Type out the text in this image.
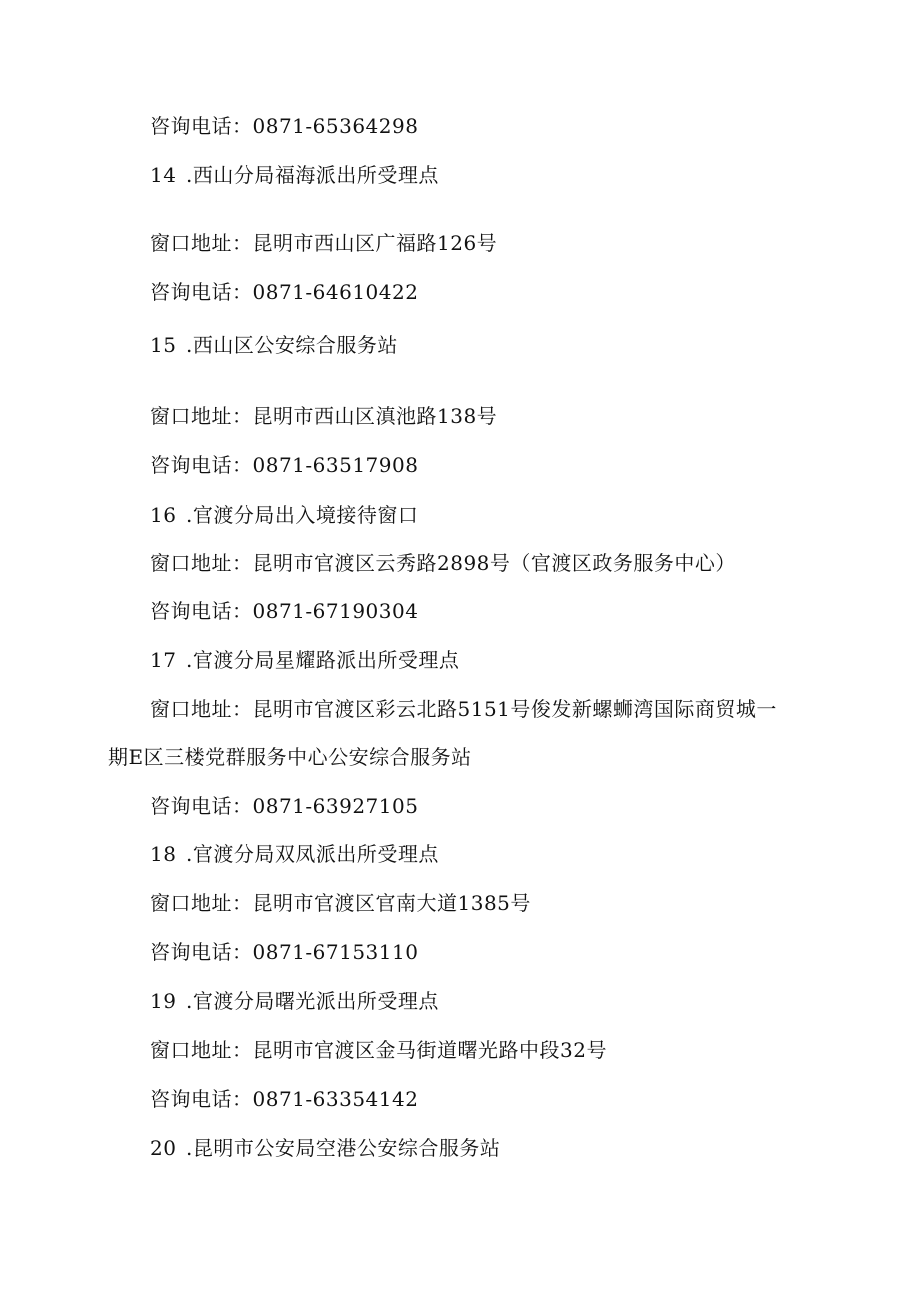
咨询电话：0871-65364298
14 .西山分局福海派出所受理点
窗口地址：昆明市西山区广福路126号
咨询电话：0871-64610422
15 .西山区公安综合服务站
窗口地址：昆明市西山区滇池路138号
咨询电话：0871-63517908
16 .官渡分局出入境接待窗口
窗口地址：昆明市官渡区云秀路2898号（官渡区政务服务中心）
咨询电话：0871-67190304
17 .官渡分局星耀路派出所受理点
窗口地址：昆明市官渡区彩云北路5151号俊发新螺蛳湾国际商贸城一
期E区三楼党群服务中心公安综合服务站
咨询电话：0871-63927105
18 .官渡分局双凤派出所受理点
窗口地址：昆明市官渡区官南大道1385号
咨询电话：0871-67153110
19 .官渡分局曙光派出所受理点
窗口地址：昆明市官渡区金马街道曙光路中段32号
咨询电话：0871-63354142
20 .昆明市公安局空港公安综合服务站
